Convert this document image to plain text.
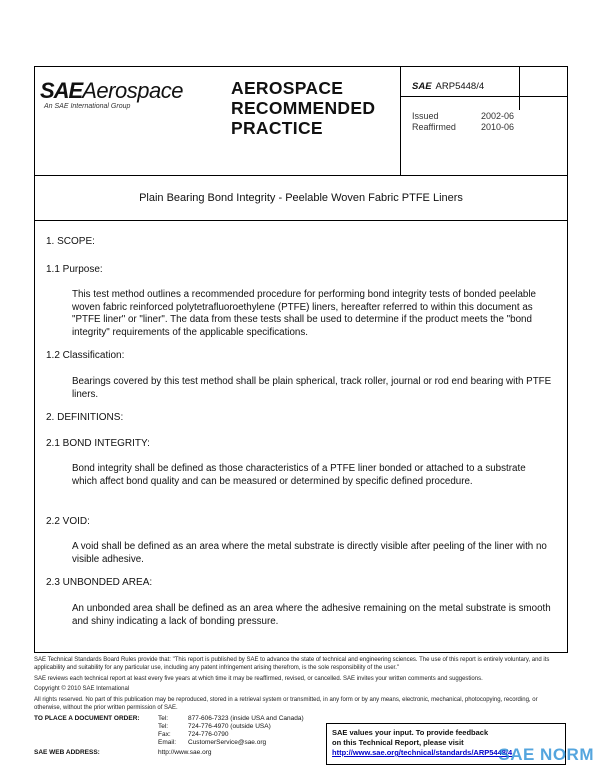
SAEAerospace
An SAE International Group
AEROSPACE
RECOMMENDED
PRACTICE
SAE ARP5448/4
Issued	2002-06
Reaffirmed	2010-06
Plain Bearing Bond Integrity - Peelable Woven Fabric PTFE Liners
1. SCOPE:
1.1 Purpose:
This test method outlines a recommended procedure for performing bond integrity tests of bonded peelable woven fabric reinforced polytetrafluoroethylene (PTFE) liners, hereafter referred to within this document as "PTFE liner" or "liner". The data from these tests shall be used to determine if the product meets the "bond integrity" requirements of the applicable specifications.
1.2 Classification:
Bearings covered by this test method shall be plain spherical, track roller, journal or rod end bearing with PTFE liners.
2. DEFINITIONS:
2.1 BOND INTEGRITY:
Bond integrity shall be defined as those characteristics of a PTFE liner bonded or attached to a substrate which affect bond quality and can be measured or determined by specific defined procedure.
2.2 VOID:
A void shall be defined as an area where the metal substrate is directly visible after peeling of the liner with no visible adhesive.
2.3 UNBONDED AREA:
An unbonded area shall be defined as an area where the adhesive remaining on the metal substrate is smooth and shiny indicating a lack of bonding pressure.
SAE Technical Standards Board Rules provide that: "This report is published by SAE to advance the state of technical and engineering sciences. The use of this report is entirely voluntary, and its applicability and suitability for any particular use, including any patent infringement arising therefrom, is the sole responsibility of the user."
SAE reviews each technical report at least every five years at which time it may be reaffirmed, revised, or cancelled. SAE invites your written comments and suggestions.
Copyright © 2010 SAE International
All rights reserved. No part of this publication may be reproduced, stored in a retrieval system or transmitted, in any form or by any means, electronic, mechanical, photocopying, recording, or otherwise, without the prior written permission of SAE.
TO PLACE A DOCUMENT ORDER:	Tel:	877-606-7323 (inside USA and Canada)
Tel:	724-776-4970 (outside USA)
Fax:	724-776-0790
Email: CustomerService@sae.org
SAE WEB ADDRESS:	http://www.sae.org
SAE values your input. To provide feedback
on this Technical Report, please visit
http://www.sae.org/technical/standards/ARP5448/4
SAE NORM
